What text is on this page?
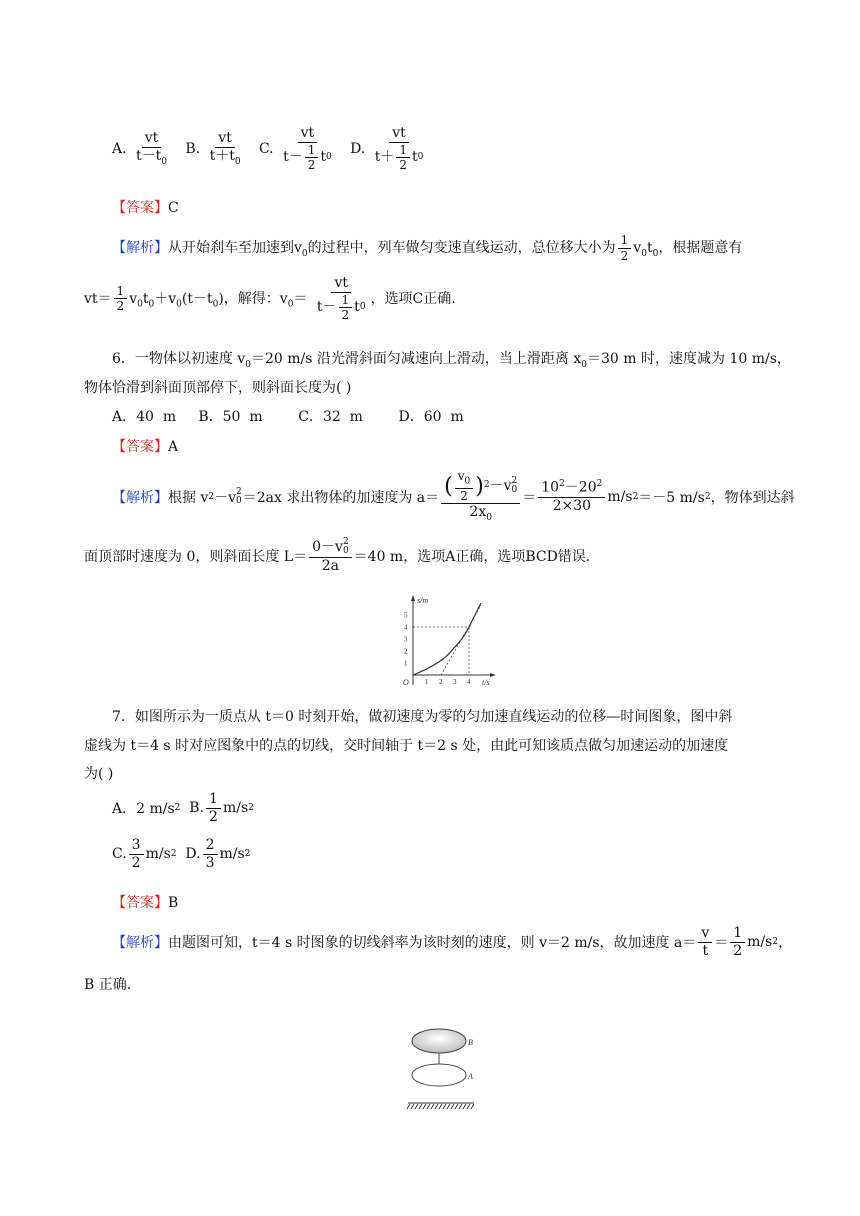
A. $\frac{vt}{t-t_0} B$. $\frac{vt}{t+t_0} C$. $\frac{vt}{t- \frac{1}{2} t 0} D$. $\frac{vt}{t+ \frac{1}{2} t 0}$
【答案】C
【解析】从开始刹车至加速到$v_0$的过程中，列车做匀变速直线运动，总位移大小为 $\frac{1}{2} v_0t_0$，根据题意有
$vt= \frac{1}{2} v_0t_0+v_0(t-t_0)$，解得：$v_0= \frac{vt}{t- \frac{1}{2} t 0}$ ，选项C正确.
6．一物体以初速度 $v_0=20$ m/s 沿光滑斜面匀减速向上滑动，当上滑距离 $x_0=30$ m 时，速度减为 10 m/s，
物体恰滑到斜面顶部停下，则斜面长度为( )
A．40  m     B．50  m        C．32  m        D．60  m
【答案】A
【解析】 根据 v 2 －v 2
0 ＝2ax 求出物体的加速度为 a＝ ( $\frac{v_0}{2}$ ) 2 －v 2
0
$2x_0 = \frac{10^2-20^2}{2\times 30} m/s$ 2 ＝－5 m/s 2 ，物体到达斜
面顶部时速度为 0，则斜面长度 L＝ 0－v 2
0
2a ＝40 m，选项A正确，选项BCD错误.
s/m
t/s
O
1
2
3
4
5
1 2 3 4
7．如图所示为一质点从 t＝0 时刻开始，做初速度为零的匀加速直线运动的位移—时间图象，图中斜
虚线为 t＝4 s 时对应图象中的点的切线，交时间轴于 t＝2 s 处，由此可知该质点做匀加速运动的加速度
为( )
A．2 m/s 2
B. $\frac{1}{2} m/s$ 2
C. $\frac{3}{2} m/s$ 2
D. $\frac{2}{3} m/s$ 2
【答案】B
【解析】 由题图可知，t＝4 s 时图象的切线斜率为该时刻的速度，则 v＝2 m/s，故加速度 $a= \frac{v}{t} = \frac{1}{2} m/s$ 2 ，
B 正确.
B
A
